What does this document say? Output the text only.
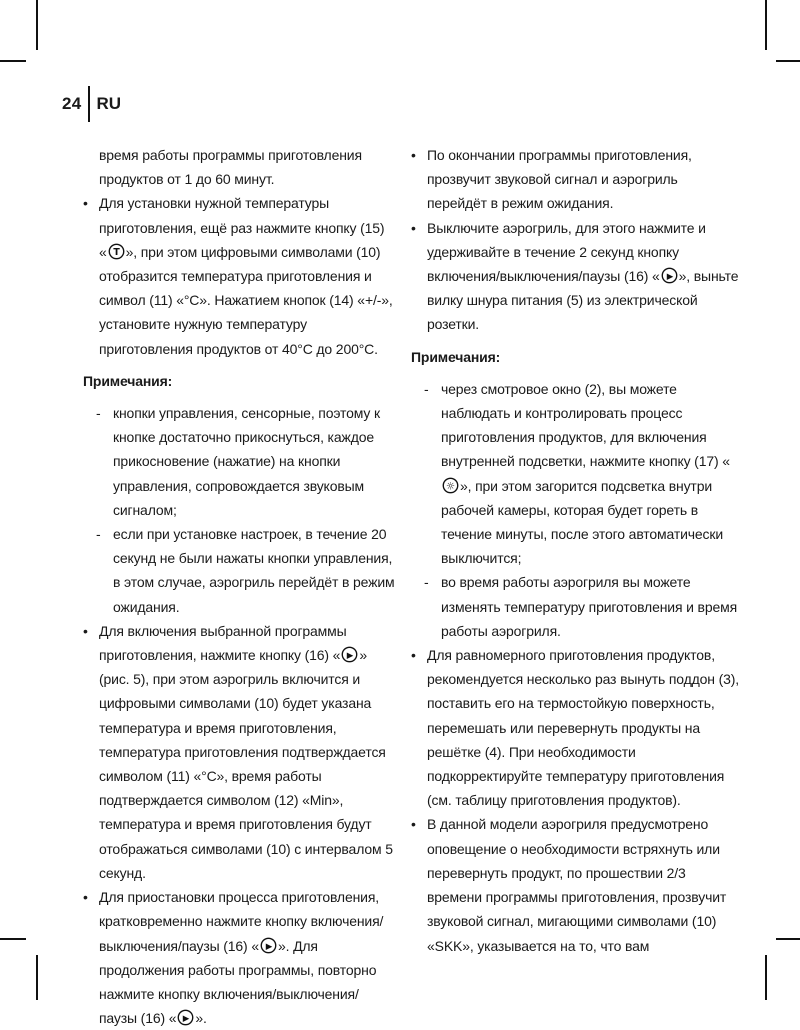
24 RU

время работы программы приготовления продуктов от 1 до 60 минут.

• Для установки нужной температуры приготовления, ещё раз нажмите кнопку (15) « T », при этом цифровыми символами (10) отобразится температура приготовления и символ (11) «°С». Нажатием кнопок (14) «+/-», установите нужную температуру приготовления продуктов от 40°С до 200°С.

Примечания:

- кнопки управления, сенсорные, поэтому к кнопке достаточно прикоснуться, каждое прикосновение (нажатие) на кнопки управления, сопровождается звуковым сигналом;

- если при установке настроек, в течение 20 секунд не были нажаты кнопки управления, в этом случае, аэрогриль перейдёт в режим ожидания.

• Для включения выбранной программы приготовления, нажмите кнопку (16) « ▶ » (рис. 5), при этом аэрогриль включится и цифровыми символами (10) будет указана температура и время приготовления, температура приготовления подтверждается символом (11) «°С», время работы подтверждается символом (12) «Min», температура и время приготовления будут отображаться символами (10) с интервалом 5 секунд.

• Для приостановки процесса приготовления, кратковременно нажмите кнопку включения/выключения/паузы (16) « ▶ ». Для продолжения работы программы, повторно нажмите кнопку включения/выключения/паузы (16) « ▶ ».

• По окончании программы приготовления, прозвучит звуковой сигнал и аэрогриль перейдёт в режим ожидания.

• Выключите аэрогриль, для этого нажмите и удерживайте в течение 2 секунд кнопку включения/выключения/паузы (16) « ▶ », выньте вилку шнура питания (5) из электрической розетки.

Примечания:

- через смотровое окно (2), вы можете наблюдать и контролировать процесс приготовления продуктов, для включения внутренней подсветки, нажмите кнопку (17) «
☼ », при этом загорится подсветка внутри рабочей камеры, которая будет гореть в течение минуты, после этого автоматически выключится;

- во время работы аэрогриля вы можете изменять температуру приготовления и время работы аэрогриля.

• Для равномерного приготовления продуктов, рекомендуется несколько раз вынуть поддон (3), поставить его на термостойкую поверхность, перемешать или перевернуть продукты на решётке (4). При необходимости подкорректируйте температуру приготовления (см. таблицу приготовления продуктов).

• В данной модели аэрогриля предусмотрено оповещение о необходимости встряхнуть или перевернуть продукт, по прошествии 2/3 времени программы приготовления, прозвучит звуковой сигнал, мигающими символами (10) «SKK», указывается на то, что вам
